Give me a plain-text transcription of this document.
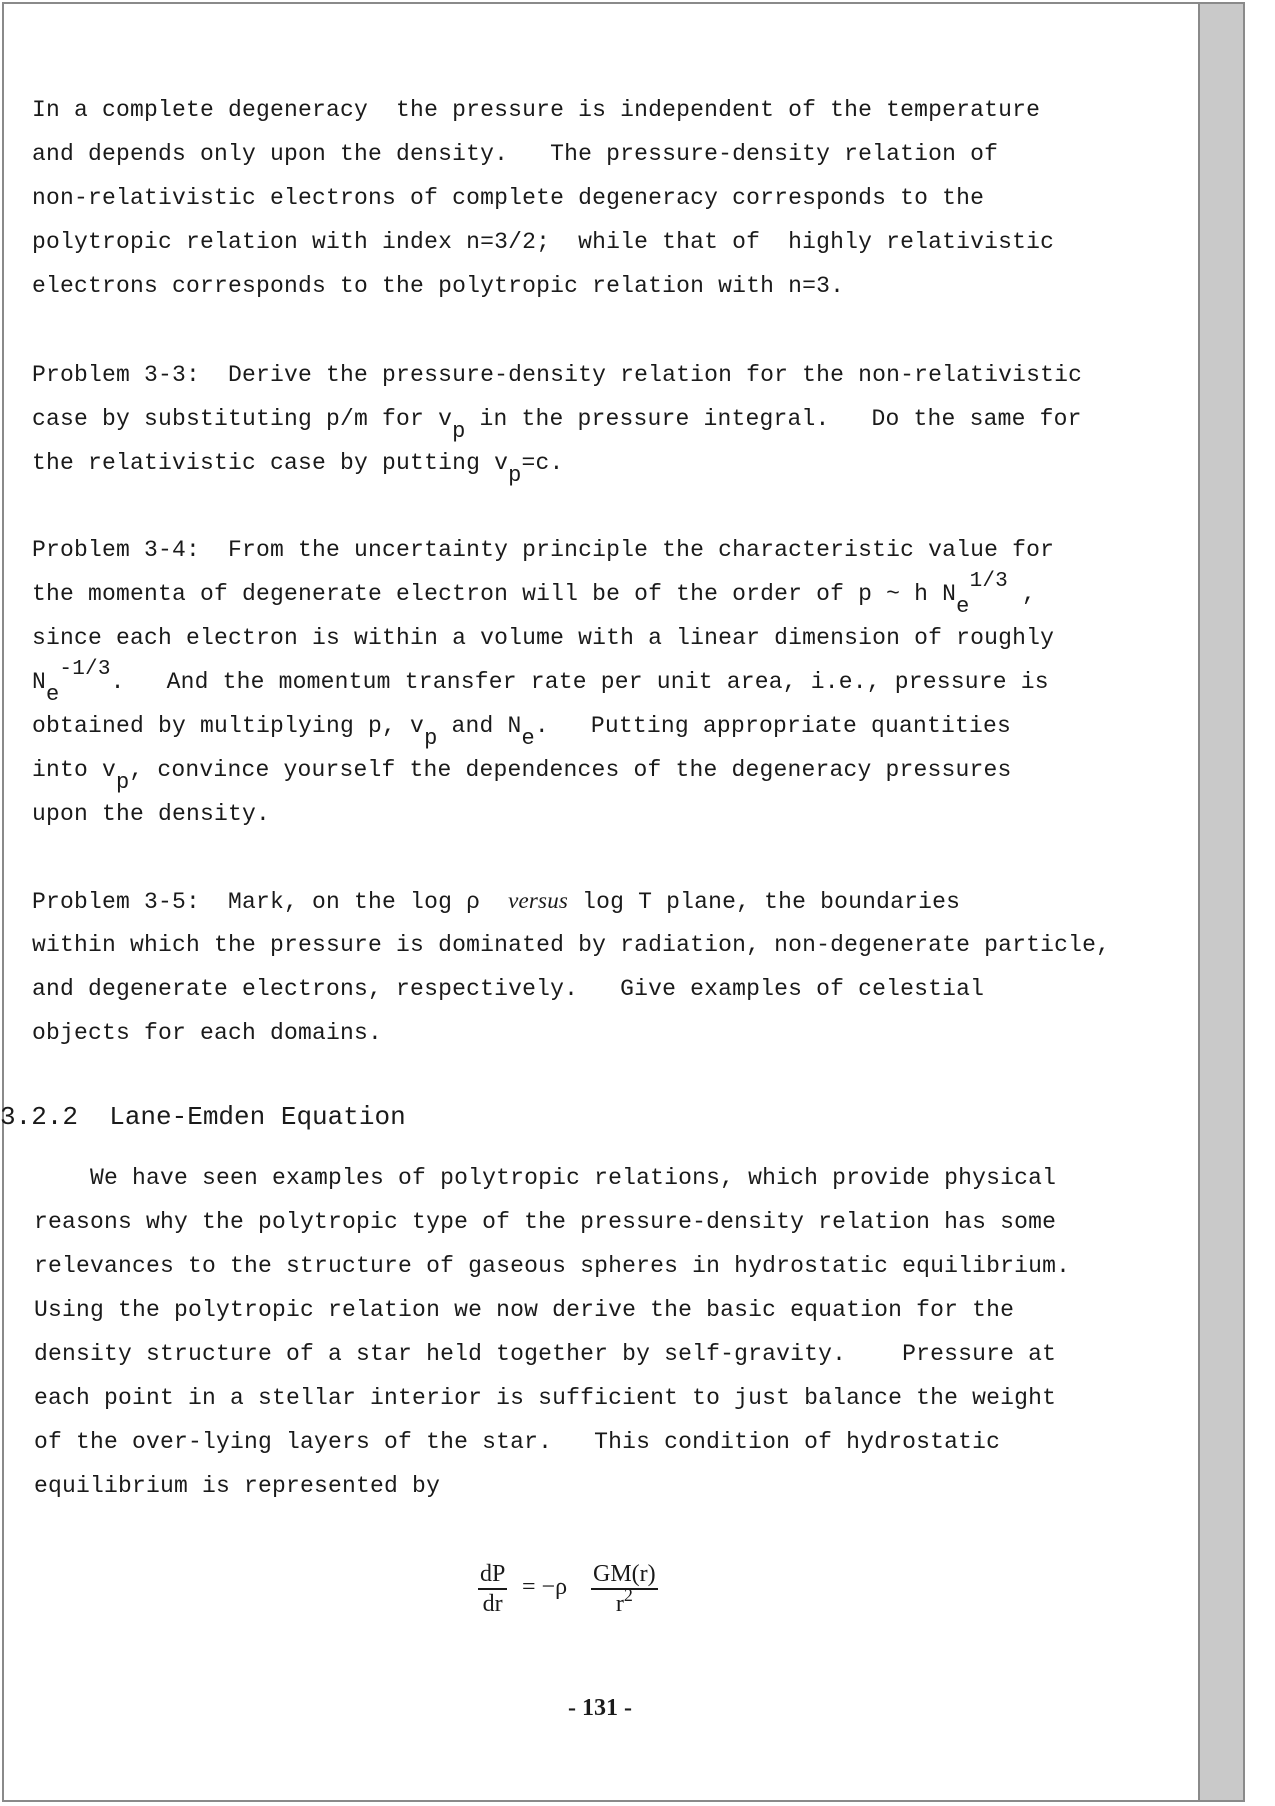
In a complete degeneracy  the pressure is independent of the temperature
and depends only upon the density.   The pressure-density relation of
non-relativistic electrons of complete degeneracy corresponds to the
polytropic relation with index n=3/2;  while that of  highly relativistic
electrons corresponds to the polytropic relation with n=3.
Problem 3-3:  Derive the pressure-density relation for the non-relativistic
case by substituting p/m for vp in the pressure integral.   Do the same for
the relativistic case by putting vp=c.
Problem 3-4:  From the uncertainty principle the characteristic value for
the momenta of degenerate electron will be of the order of p ~ h Ne1/3 ,
since each electron is within a volume with a linear dimension of roughly
Ne-1/3.   And the momentum transfer rate per unit area, i.e., pressure is
obtained by multiplying p, vp and Ne.   Putting appropriate quantities
into vp, convince yourself the dependences of the degeneracy pressures
upon the density.
Problem 3-5:  Mark, on the log ρ  versus log T plane, the boundaries
within which the pressure is dominated by radiation, non-degenerate particle,
and degenerate electrons, respectively.   Give examples of celestial
objects for each domains.
3.2.2  Lane-Emden Equation
We have seen examples of polytropic relations, which provide physical
reasons why the polytropic type of the pressure-density relation has some
relevances to the structure of gaseous spheres in hydrostatic equilibrium.
Using the polytropic relation we now derive the basic equation for the
density structure of a star held together by self-gravity.    Pressure at
each point in a stellar interior is sufficient to just balance the weight
of the over-lying layers of the star.   This condition of hydrostatic
equilibrium is represented by
$\frac{dP}{dr} = -\rho \frac{GM(r)}{r^2}$
- 131 -
